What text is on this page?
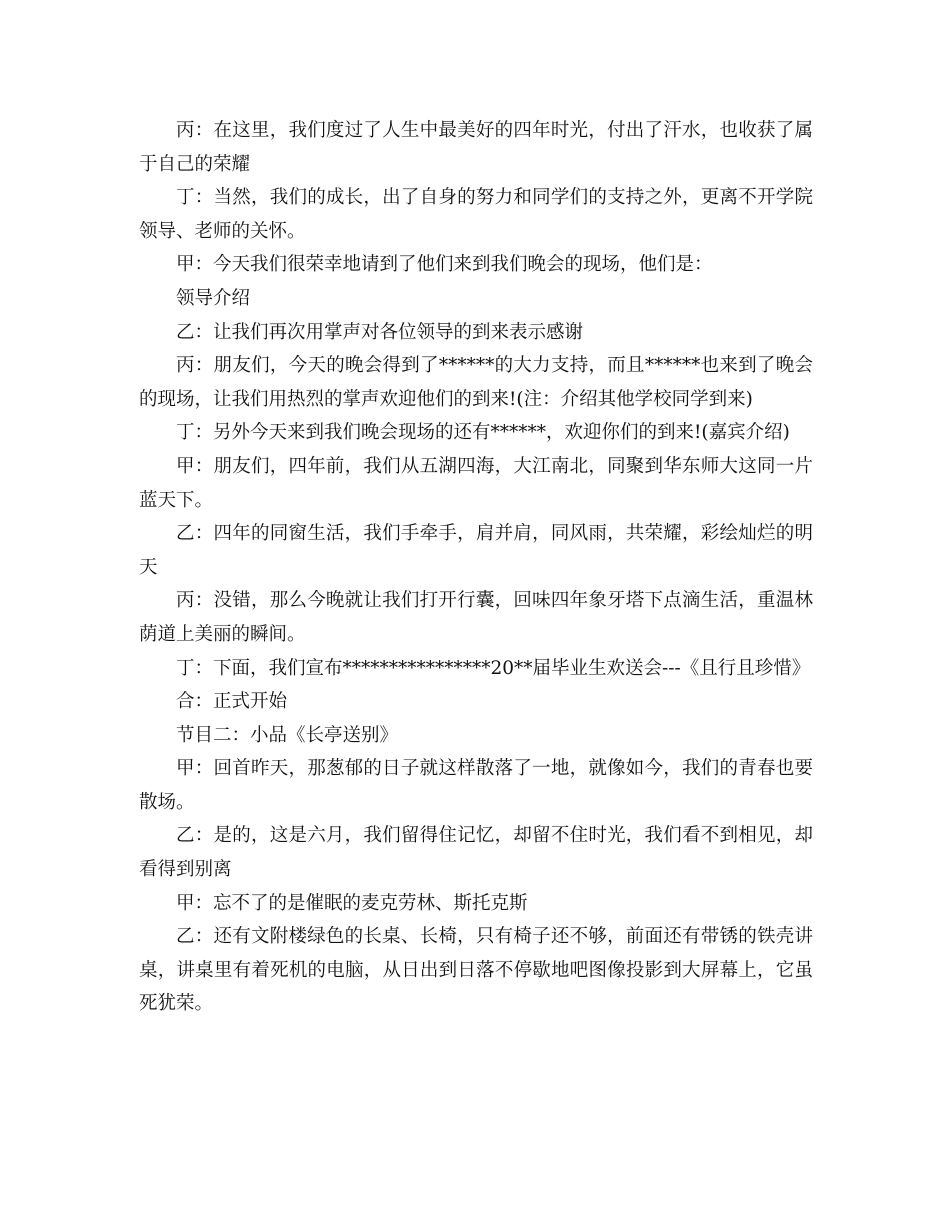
丙：在这里，我们度过了人生中最美好的四年时光，付出了汗水，也收获了属于自己的荣耀

丁：当然，我们的成长，出了自身的努力和同学们的支持之外，更离不开学院领导、老师的关怀。

甲：今天我们很荣幸地请到了他们来到我们晚会的现场，他们是：

领导介绍

乙：让我们再次用掌声对各位领导的到来表示感谢

丙：朋友们，今天的晚会得到了******的大力支持，而且******也来到了晚会的现场，让我们用热烈的掌声欢迎他们的到来!(注：介绍其他学校同学到来)

丁：另外今天来到我们晚会现场的还有******，欢迎你们的到来!(嘉宾介绍)

甲：朋友们，四年前，我们从五湖四海，大江南北，同聚到华东师大这同一片蓝天下。

乙：四年的同窗生活，我们手牵手，肩并肩，同风雨，共荣耀，彩绘灿烂的明天

丙：没错，那么今晚就让我们打开行囊，回味四年象牙塔下点滴生活，重温林荫道上美丽的瞬间。

丁：下面，我们宣布****************20**届毕业生欢送会---《且行且珍惜》

合：正式开始

节目二：小品《长亭送别》

甲：回首昨天，那葱郁的日子就这样散落了一地，就像如今，我们的青春也要散场。

乙：是的，这是六月，我们留得住记忆，却留不住时光，我们看不到相见，却看得到别离

甲：忘不了的是催眠的麦克劳林、斯托克斯

乙：还有文附楼绿色的长桌、长椅，只有椅子还不够，前面还有带锈的铁壳讲桌，讲桌里有着死机的电脑，从日出到日落不停歇地吧图像投影到大屏幕上，它虽死犹荣。
